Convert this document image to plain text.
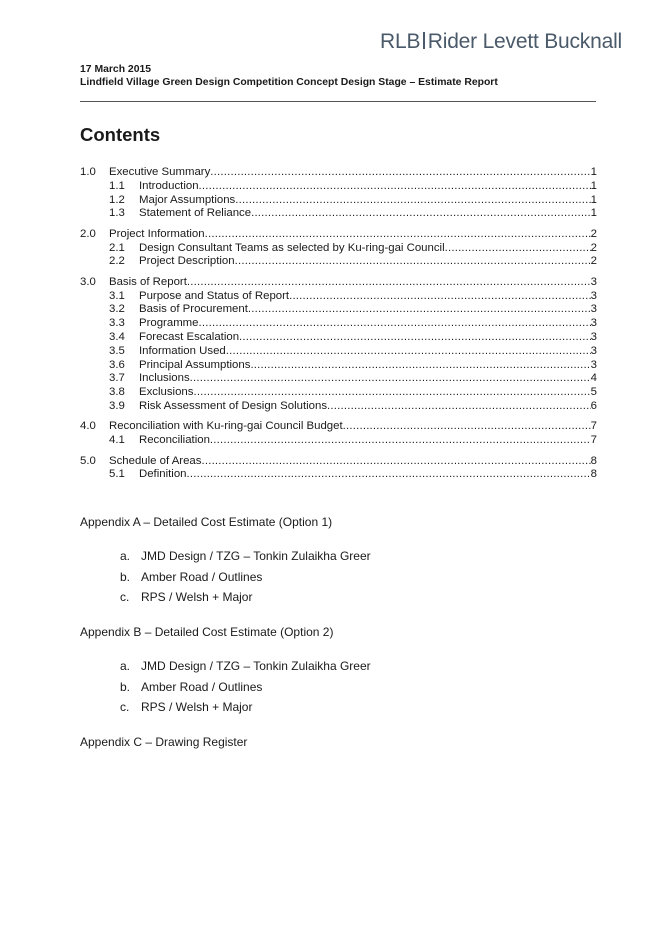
RLB Rider Levett Bucknall
17 March 2015
Lindfield Village Green Design Competition Concept Design Stage – Estimate Report
Contents
1.0	Executive Summary .....	1
1.1	Introduction .....	1
1.2	Major Assumptions .....	1
1.3	Statement of Reliance .....	1
2.0	Project Information .....	2
2.1	Design Consultant Teams as selected by Ku-ring-gai Council .....	2
2.2	Project Description .....	2
3.0	Basis of Report .....	3
3.1	Purpose and Status of Report .....	3
3.2	Basis of Procurement .....	3
3.3	Programme .....	3
3.4	Forecast Escalation .....	3
3.5	Information Used .....	3
3.6	Principal Assumptions .....	3
3.7	Inclusions .....	4
3.8	Exclusions .....	5
3.9	Risk Assessment of Design Solutions .....	6
4.0	Reconciliation with Ku-ring-gai Council Budget .....	7
4.1	Reconciliation .....	7
5.0	Schedule of Areas .....	8
5.1	Definition .....	8
Appendix A – Detailed Cost Estimate (Option 1)
a. JMD Design / TZG – Tonkin Zulaikha Greer
b. Amber Road / Outlines
c. RPS / Welsh + Major
Appendix B – Detailed Cost Estimate (Option 2)
a. JMD Design / TZG – Tonkin Zulaikha Greer
b. Amber Road / Outlines
c. RPS / Welsh + Major
Appendix C – Drawing Register
